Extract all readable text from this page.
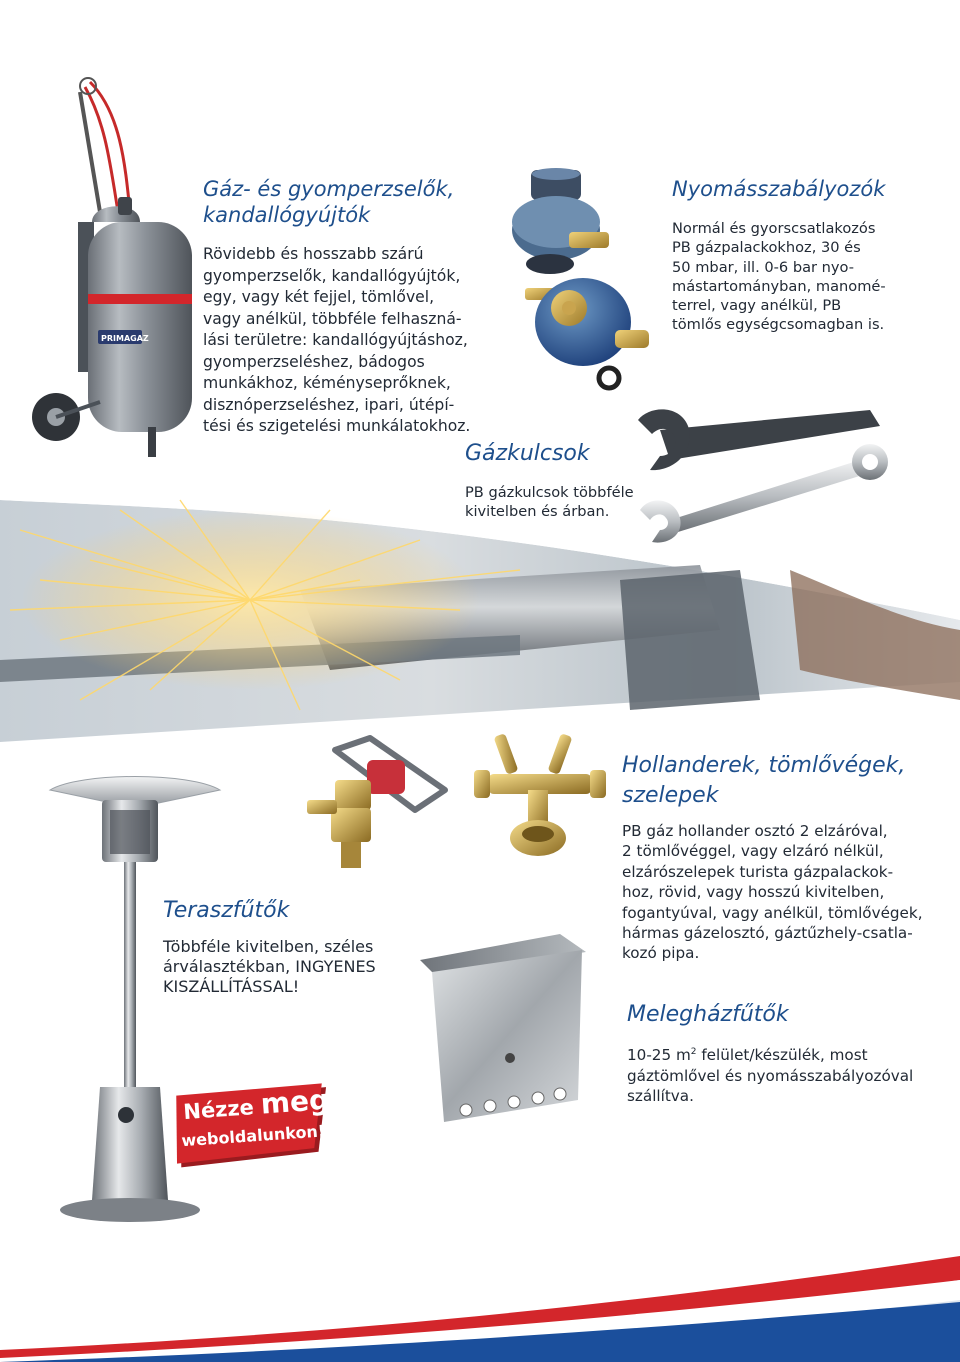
PRIMAGAZ
Gáz- és gyomperzselők,
kandallógyújtók
Rövidebb és hosszabb szárú
gyomperzselők, kandallógyújtók,
egy, vagy két fejjel, tömlővel,
vagy anélkül, többféle felhaszná-
lási területre: kandallógyújtáshoz,
gyomperzseléshez, bádogos
munkákhoz, kéményseprőknek,
disznóperzseléshez, ipari, útépí-
tési és szigetelési munkálatokhoz.
Nyomásszabályozók
Normál és gyorscsatlakozós
PB gázpalackokhoz, 30 és
50 mbar, ill. 0-6 bar nyo-
mástartományban, manomé-
terrel, vagy anélkül, PB
tömlős egységcsomagban is.
Gázkulcsok
PB gázkulcsok többféle
kivitelben és árban.
Teraszfűtők
Többféle kivitelben, széles
árválasztékban, INGYENES
KISZÁLLÍTÁSSAL!
Nézze meg
weboldalunkon!
Hollanderek, tömlővégek,
szelepek
PB gáz hollander osztó 2 elzáróval,
2 tömlővéggel, vagy elzáró nélkül,
elzárószelepek turista gázpalackok-
hoz, rövid, vagy hosszú kivitelben,
fogantyúval, vagy anélkül, tömlővégek,
hármas gázelosztó, gáztűzhely-csatla-
kozó pipa.
Melegházfűtők
10-25 $m^2$ felület/készülék, most
gáztömlővel és nyomásszabályozóval
szállítva.
